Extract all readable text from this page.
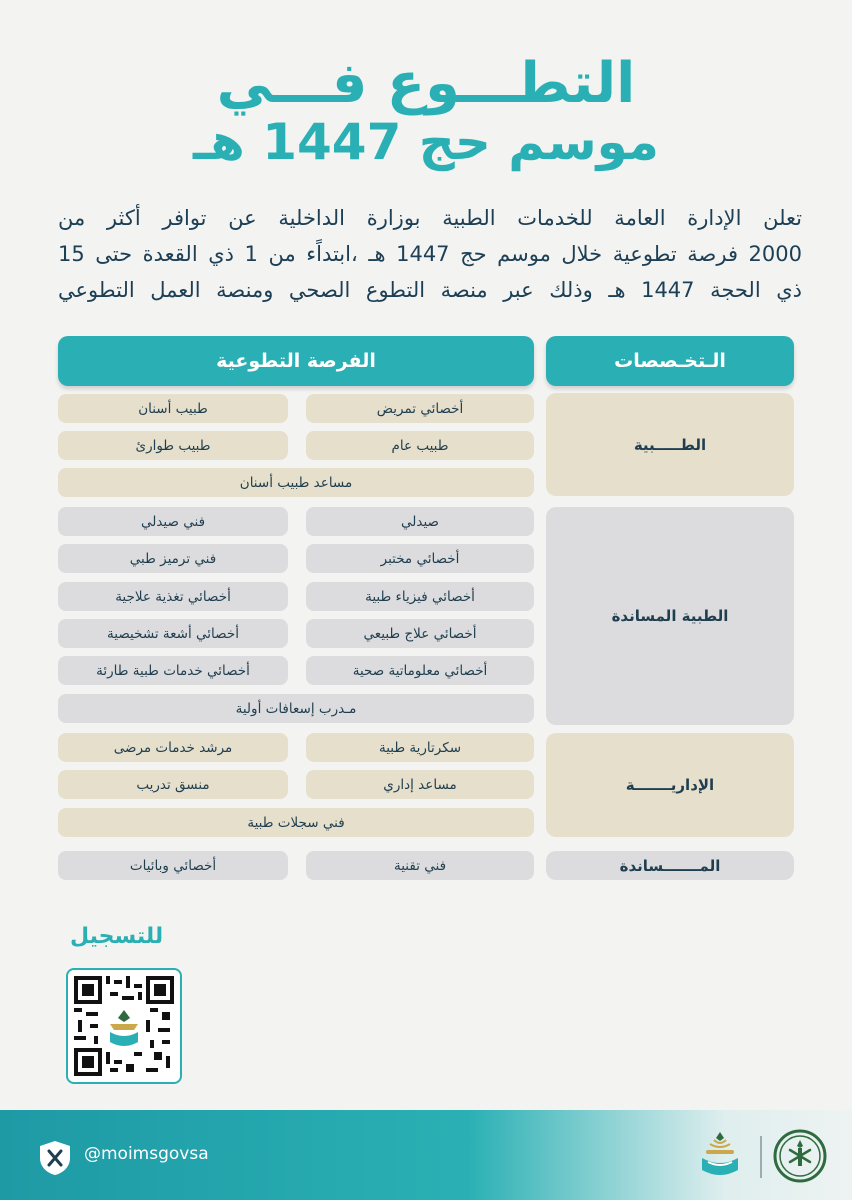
التطـــوع فـــي
موسم حج 1447 هـ
تعلن الإدارة العامة للخدمات الطبية بوزارة الداخلية عن توافر أكثر من
2000 فرصة تطوعية خلال موسم حج 1447 هـ ،ابتداًء من 1 ذي القعدة حتى 15
ذي الحجة 1447 هـ وذلك عبر منصة التطوع الصحي ومنصة العمل التطوعي
الـتخـصصات
الفرصة التطوعية
الطـــــبية
أخصائي تمريض
طبيب أسنان
طبيب عام
طبيب طوارئ
مساعد طبيب أسنان
الطبية المساندة
صيدلي
فني صيدلي
أخصائي مختبر
فني ترميز طبي
أخصائي فيزياء طبية
أخصائي تغذية علاجية
أخصائي علاج طبيعي
أخصائي أشعة تشخيصية
أخصائي معلوماتية صحية
أخصائي خدمات طبية طارئة
مـدرب إسعافات أولية
الإداريـــــــة
سكرتارية طبية
مرشد خدمات مرضى
مساعد إداري
منسق تدريب
فني سجلات طبية
المـــــــساندة
فني تقنية
أخصائي وبائيات
للتسجيل
@moimsgovsa
